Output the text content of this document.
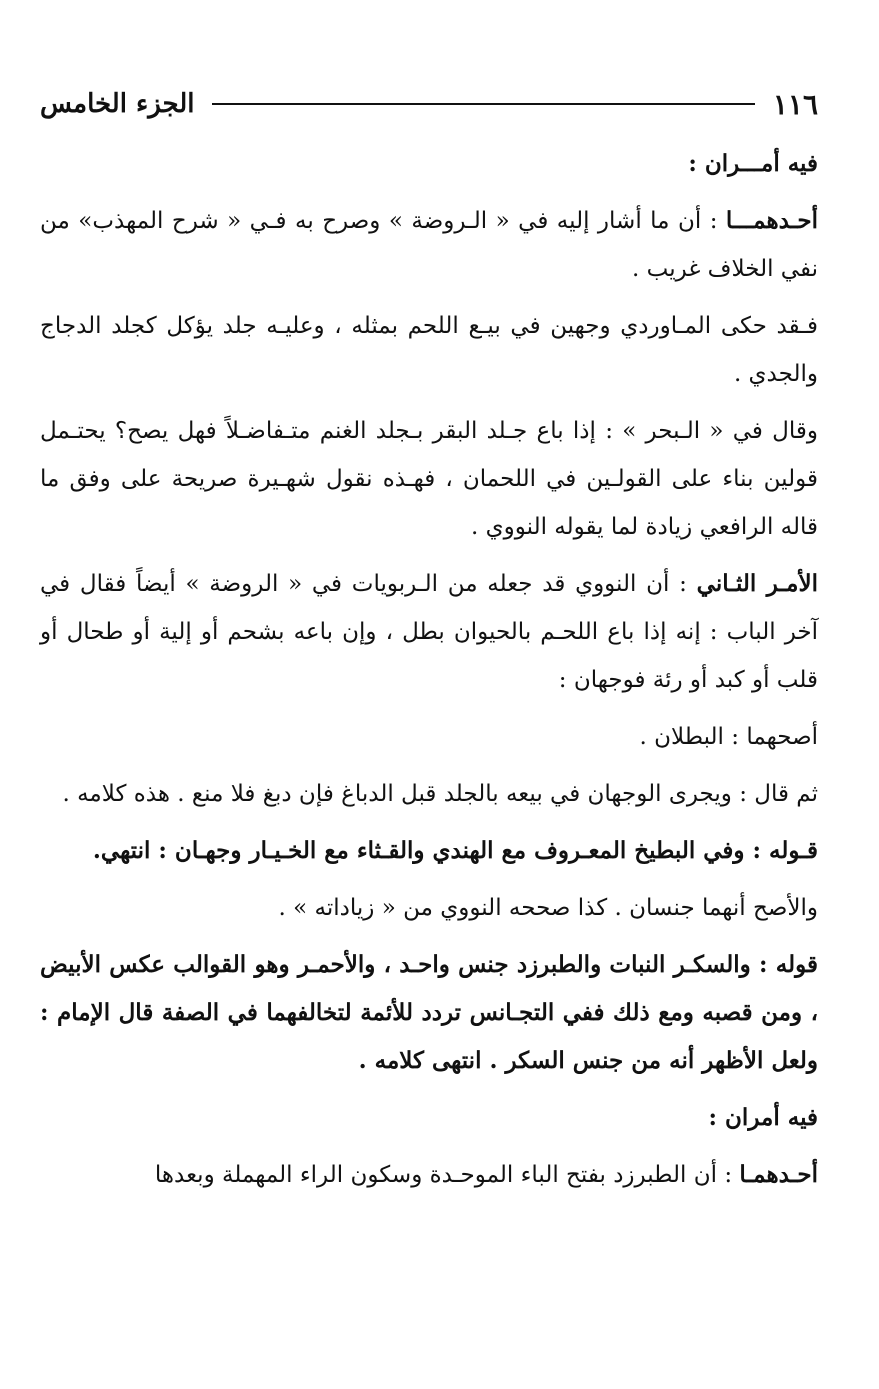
الجزء الخامس	١١٦

فيه أمـــران :

أحـدهمـــا : أن ما أشار إليه في « الـروضة » وصرح به فـي « شرح المهذب» من نفي الخلاف غريب .

فـقد حكى المـاوردي وجهين في بيـع اللحم بمثله ، وعليـه جلد يؤكل كجلد الدجاج والجدي .

وقال في « الـبحر » : إذا باع جـلد البقر بـجلد الغنم متـفاضـلاً فهل يصح؟ يحتـمل قولين بناء على القولـين في اللحمان ، فهـذه نقول شهـيرة صريحة على وفق ما قاله الرافعي زيادة لما يقوله النووي .

الأمـر الثـاني : أن النووي قد جعله من الـربويات في « الروضة » أيضاً فقال في آخر الباب : إنه إذا باع اللحـم بالحيوان بطل ، وإن باعه بشحم أو إلية أو طحال أو قلب أو كبد أو رئة فوجهان :

أصحهما : البطلان .

ثم قال : ويجرى الوجهان في بيعه بالجلد قبل الدباغ فإن دبغ فلا منع . هذه كلامه .

قـوله : وفي البطيخ المعـروف مع الهندي والقـثاء مع الخـيـار وجهـان : انتهي.

والأصح أنهما جنسان . كذا صححه النووي من « زياداته » .

قوله : والسكـر النبات والطبرزد جنس واحـد ، والأحمـر وهو القوالب عكس الأبيض ، ومن قصبه ومع ذلك ففي التجـانس تردد للأئمة لتخالفهما في الصفة قال الإمام : ولعل الأظهر أنه من جنس السكر . انتهى كلامه .

فيه أمران :

أحـدهمـا : أن الطبرزد بفتح الباء الموحـدة وسكون الراء المهملة وبعدها
